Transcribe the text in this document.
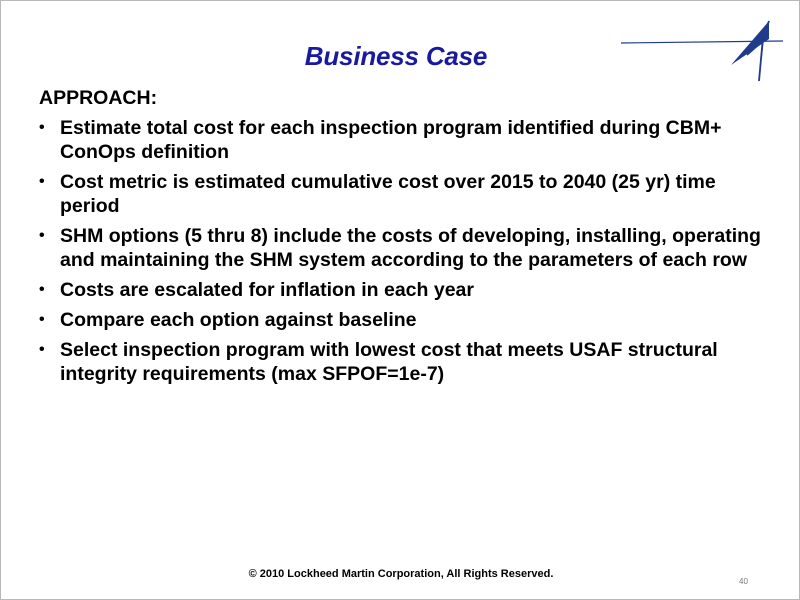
Business Case
APPROACH:
• Estimate total cost for each inspection program identified during CBM+ ConOps definition
• Cost metric is estimated cumulative cost over 2015 to 2040 (25 yr) time period
• SHM options (5 thru 8) include the costs of developing, installing, operating and maintaining the SHM system according to the parameters of each row
• Costs are escalated for inflation in each year
• Compare each option against baseline
• Select inspection program with lowest cost that meets USAF structural integrity requirements (max SFPOF=1e-7)
© 2010 Lockheed Martin Corporation, All Rights Reserved.
40
